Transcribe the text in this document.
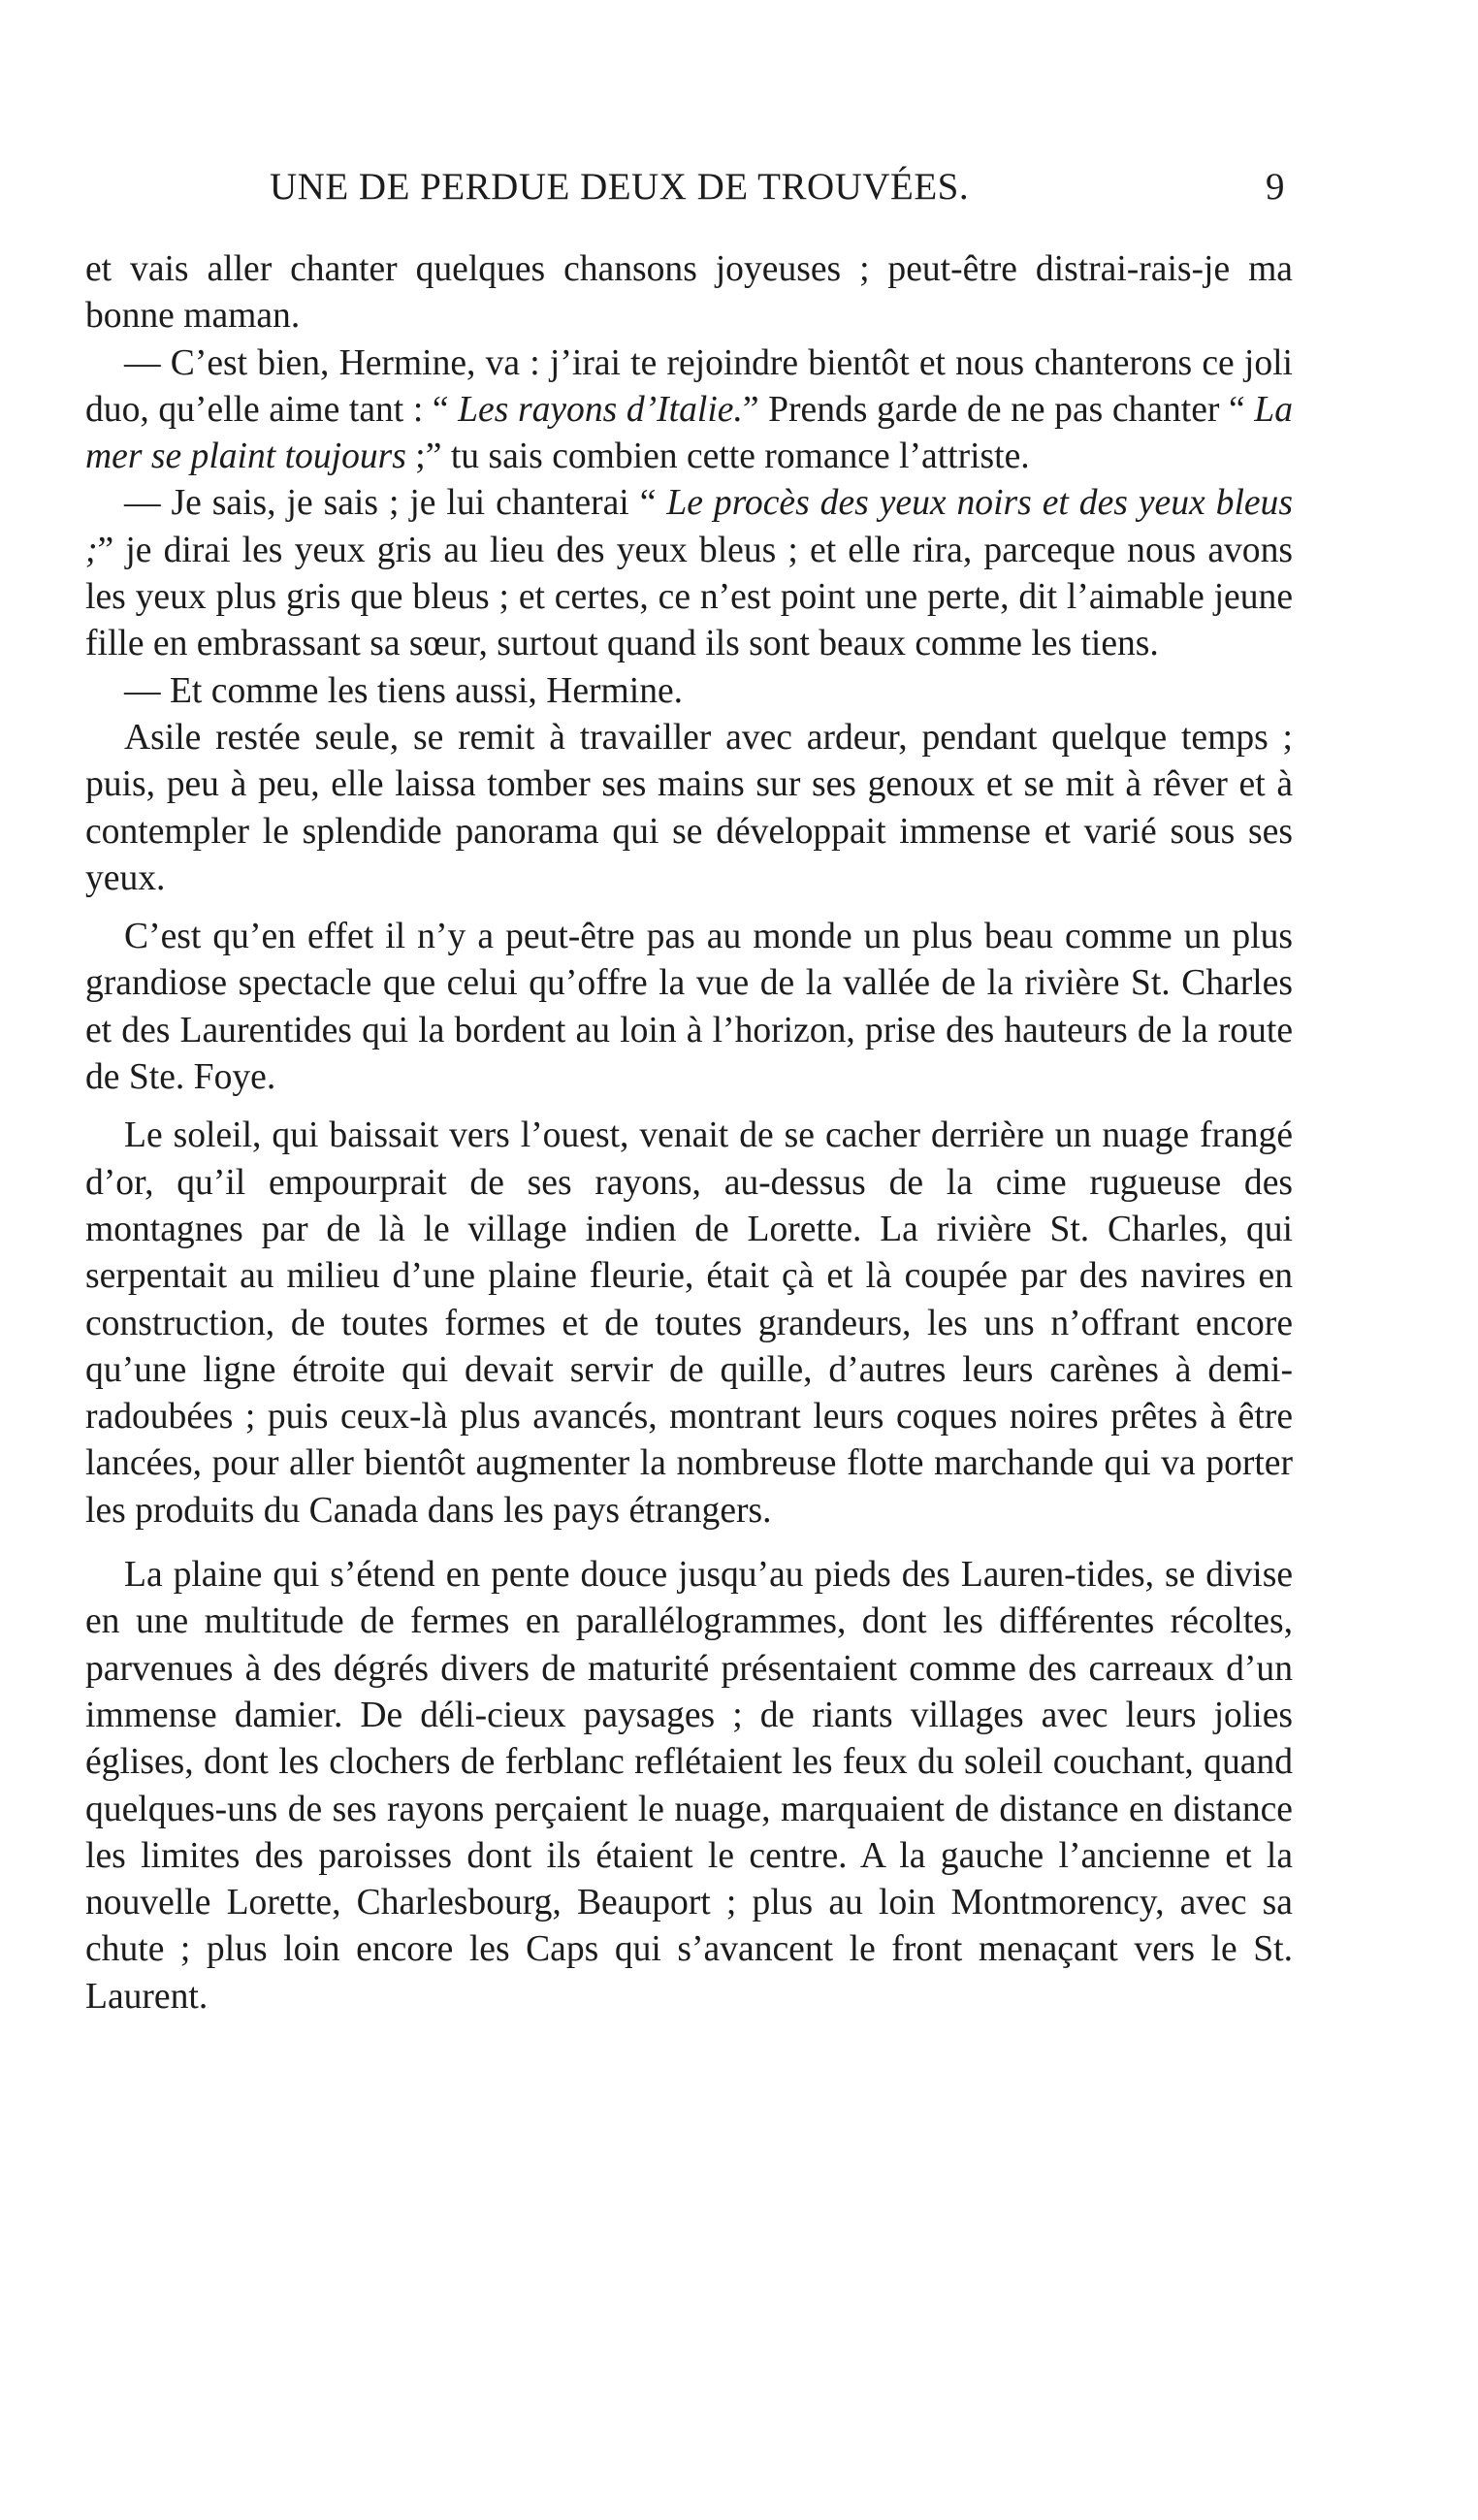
UNE DE PERDUE DEUX DE TROUVÉES.	9

et vais aller chanter quelques chansons joyeuses ; peut-être distrai-rais-je ma bonne maman.

— C’est bien, Hermine, va : j’irai te rejoindre bientôt et nous chanterons ce joli duo, qu’elle aime tant : “ Les rayons d’Italie.” Prends garde de ne pas chanter “ La mer se plaint toujours ;” tu sais combien cette romance l’attriste.

— Je sais, je sais ; je lui chanterai “ Le procès des yeux noirs et des yeux bleus ;” je dirai les yeux gris au lieu des yeux bleus ; et elle rira, parceque nous avons les yeux plus gris que bleus ; et certes, ce n’est point une perte, dit l’aimable jeune fille en embrassant sa sœur, surtout quand ils sont beaux comme les tiens.

— Et comme les tiens aussi, Hermine.

Asile restée seule, se remit à travailler avec ardeur, pendant quelque temps ; puis, peu à peu, elle laissa tomber ses mains sur ses genoux et se mit à rêver et à contempler le splendide panorama qui se développait immense et varié sous ses yeux.

C’est qu’en effet il n’y a peut-être pas au monde un plus beau comme un plus grandiose spectacle que celui qu’offre la vue de la vallée de la rivière St. Charles et des Laurentides qui la bordent au loin à l’horizon, prise des hauteurs de la route de Ste. Foye.

Le soleil, qui baissait vers l’ouest, venait de se cacher derrière un nuage frangé d’or, qu’il empourprait de ses rayons, au-dessus de la cime rugueuse des montagnes par de là le village indien de Lorette. La rivière St. Charles, qui serpentait au milieu d’une plaine fleurie, était çà et là coupée par des navires en construction, de toutes formes et de toutes grandeurs, les uns n’offrant encore qu’une ligne étroite qui devait servir de quille, d’autres leurs carènes à demi-radoubées ; puis ceux-là plus avancés, montrant leurs coques noires prêtes à être lancées, pour aller bientôt augmenter la nombreuse flotte marchande qui va porter les produits du Canada dans les pays étrangers.

La plaine qui s’étend en pente douce jusqu’au pieds des Lauren-tides, se divise en une multitude de fermes en parallélogrammes, dont les différentes récoltes, parvenues à des dégrés divers de maturité présentaient comme des carreaux d’un immense damier. De déli-cieux paysages ; de riants villages avec leurs jolies églises, dont les clochers de ferblanc reflétaient les feux du soleil couchant, quand quelques-uns de ses rayons perçaient le nuage, marquaient de distance en distance les limites des paroisses dont ils étaient le centre. A la gauche l’ancienne et la nouvelle Lorette, Charlesbourg, Beauport ; plus au loin Montmorency, avec sa chute ; plus loin encore les Caps qui s’avancent le front menaçant vers le St. Laurent.
